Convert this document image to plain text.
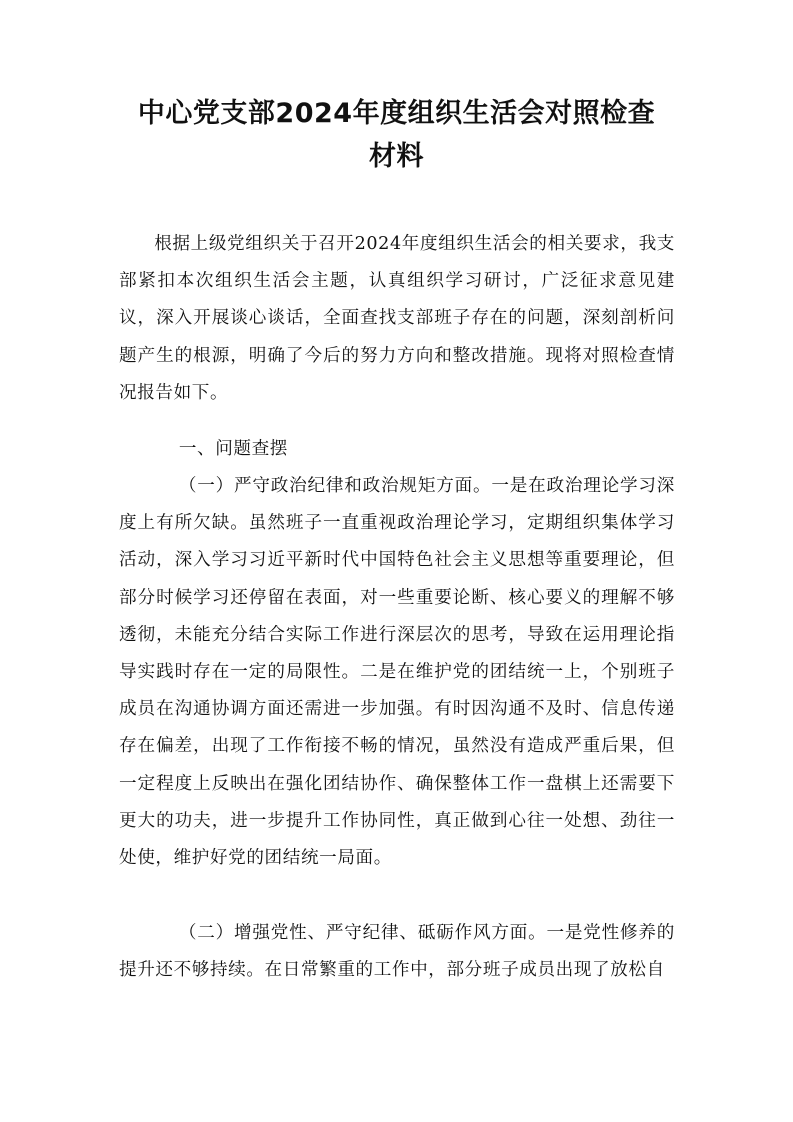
中心党支部2024年度组织生活会对照检查
材料

根据上级党组织关于召开2024年度组织生活会的相关要求，我支部紧扣本次组织生活会主题，认真组织学习研讨，广泛征求意见建议，深入开展谈心谈话，全面查找支部班子存在的问题，深刻剖析问题产生的根源，明确了今后的努力方向和整改措施。现将对照检查情况报告如下。

一、问题查摆

（一）严守政治纪律和政治规矩方面。一是在政治理论学习深度上有所欠缺。虽然班子一直重视政治理论学习，定期组织集体学习活动，深入学习习近平新时代中国特色社会主义思想等重要理论，但部分时候学习还停留在表面，对一些重要论断、核心要义的理解不够透彻，未能充分结合实际工作进行深层次的思考，导致在运用理论指导实践时存在一定的局限性。二是在维护党的团结统一上，个别班子成员在沟通协调方面还需进一步加强。有时因沟通不及时、信息传递存在偏差，出现了工作衔接不畅的情况，虽然没有造成严重后果，但一定程度上反映出在强化团结协作、确保整体工作一盘棋上还需要下更大的功夫，进一步提升工作协同性，真正做到心往一处想、劲往一处使，维护好党的团结统一局面。

（二）增强党性、严守纪律、砥砺作风方面。一是党性修养的提升还不够持续。在日常繁重的工作中，部分班子成员出现了放松自
